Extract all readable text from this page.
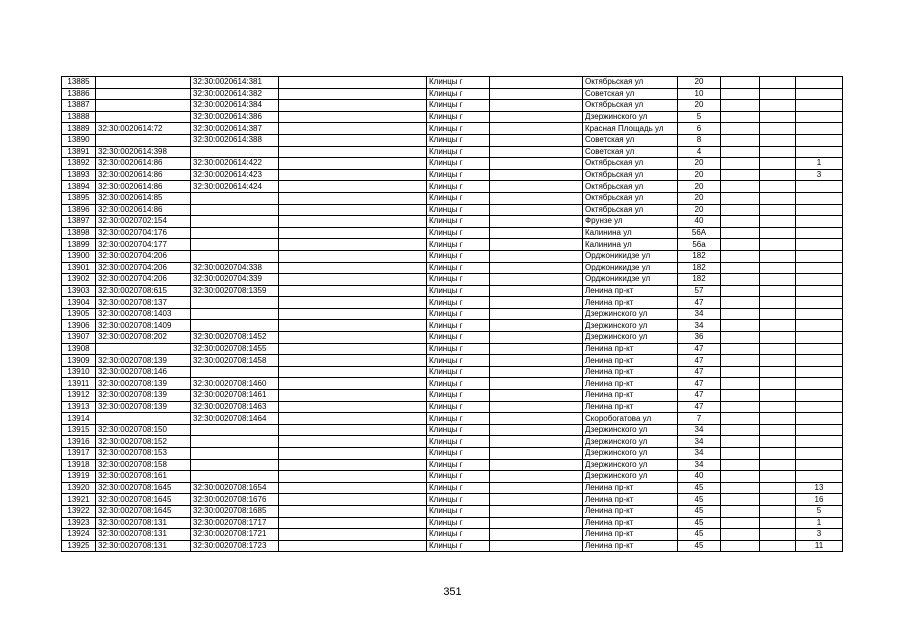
13885		32:30:0020614:381		Клинцы г		Октябрьская ул	20			
13886		32:30:0020614:382		Клинцы г		Советская ул	10			
13887		32:30:0020614:384		Клинцы г		Октябрьская ул	20			
13888		32:30:0020614:386		Клинцы г		Дзержинского ул	5			
13889	32:30:0020614:72	32:30:0020614:387		Клинцы г		Красная Площадь ул	6			
13890		32:30:0020614:388		Клинцы г		Советская ул	8			
13891	32:30:0020614:398			Клинцы г		Советская ул	4			
13892	32:30:0020614:86	32:30:0020614:422		Клинцы г		Октябрьская ул	20			1
13893	32:30:0020614:86	32:30:0020614:423		Клинцы г		Октябрьская ул	20			3
13894	32:30:0020614:86	32:30:0020614:424		Клинцы г		Октябрьская ул	20			
13895	32:30:0020614:85			Клинцы г		Октябрьская ул	20			
13896	32:30:0020614:86			Клинцы г		Октябрьская ул	20			
13897	32:30:0020702:154			Клинцы г		Фрунзе ул	40			
13898	32:30:0020704:176			Клинцы г		Калинина ул	56А			
13899	32:30:0020704:177			Клинцы г		Калинина ул	56а			
13900	32:30:0020704:206			Клинцы г		Орджоникидзе ул	182			
13901	32:30:0020704:206	32:30:0020704:338		Клинцы г		Орджоникидзе ул	182			
13902	32:30:0020704:206	32:30:0020704:339		Клинцы г		Орджоникидзе ул	182			
13903	32:30:0020708:615	32:30:0020708:1359		Клинцы г		Ленина пр-кт	57			
13904	32:30:0020708:137			Клинцы г		Ленина пр-кт	47			
13905	32:30:0020708:1403			Клинцы г		Дзержинского ул	34			
13906	32:30:0020708:1409			Клинцы г		Дзержинского ул	34			
13907	32:30:0020708:202	32:30:0020708:1452		Клинцы г		Дзержинского ул	36			
13908		32:30:0020708:1455		Клинцы г		Ленина пр-кт	47			
13909	32:30:0020708:139	32:30:0020708:1458		Клинцы г		Ленина пр-кт	47			
13910	32:30:0020708:146			Клинцы г		Ленина пр-кт	47			
13911	32:30:0020708:139	32:30:0020708:1460		Клинцы г		Ленина пр-кт	47			
13912	32:30:0020708:139	32:30:0020708:1461		Клинцы г		Ленина пр-кт	47			
13913	32:30:0020708:139	32:30:0020708:1463		Клинцы г		Ленина пр-кт	47			
13914		32:30:0020708:1464		Клинцы г		Скоробогатова ул	7			
13915	32:30:0020708:150			Клинцы г		Дзержинского ул	34			
13916	32:30:0020708:152			Клинцы г		Дзержинского ул	34			
13917	32:30:0020708:153			Клинцы г		Дзержинского ул	34			
13918	32:30:0020708:158			Клинцы г		Дзержинского ул	34			
13919	32:30:0020708:161			Клинцы г		Дзержинского ул	40			
13920	32:30:0020708:1645	32:30:0020708:1654		Клинцы г		Ленина пр-кт	45			13
13921	32:30:0020708:1645	32:30:0020708:1676		Клинцы г		Ленина пр-кт	45			16
13922	32:30:0020708:1645	32:30:0020708:1685		Клинцы г		Ленина пр-кт	45			5
13923	32:30:0020708:131	32:30:0020708:1717		Клинцы г		Ленина пр-кт	45			1
13924	32:30:0020708:131	32:30:0020708:1721		Клинцы г		Ленина пр-кт	45			3
13925	32:30:0020708:131	32:30:0020708:1723		Клинцы г		Ленина пр-кт	45			11
351
